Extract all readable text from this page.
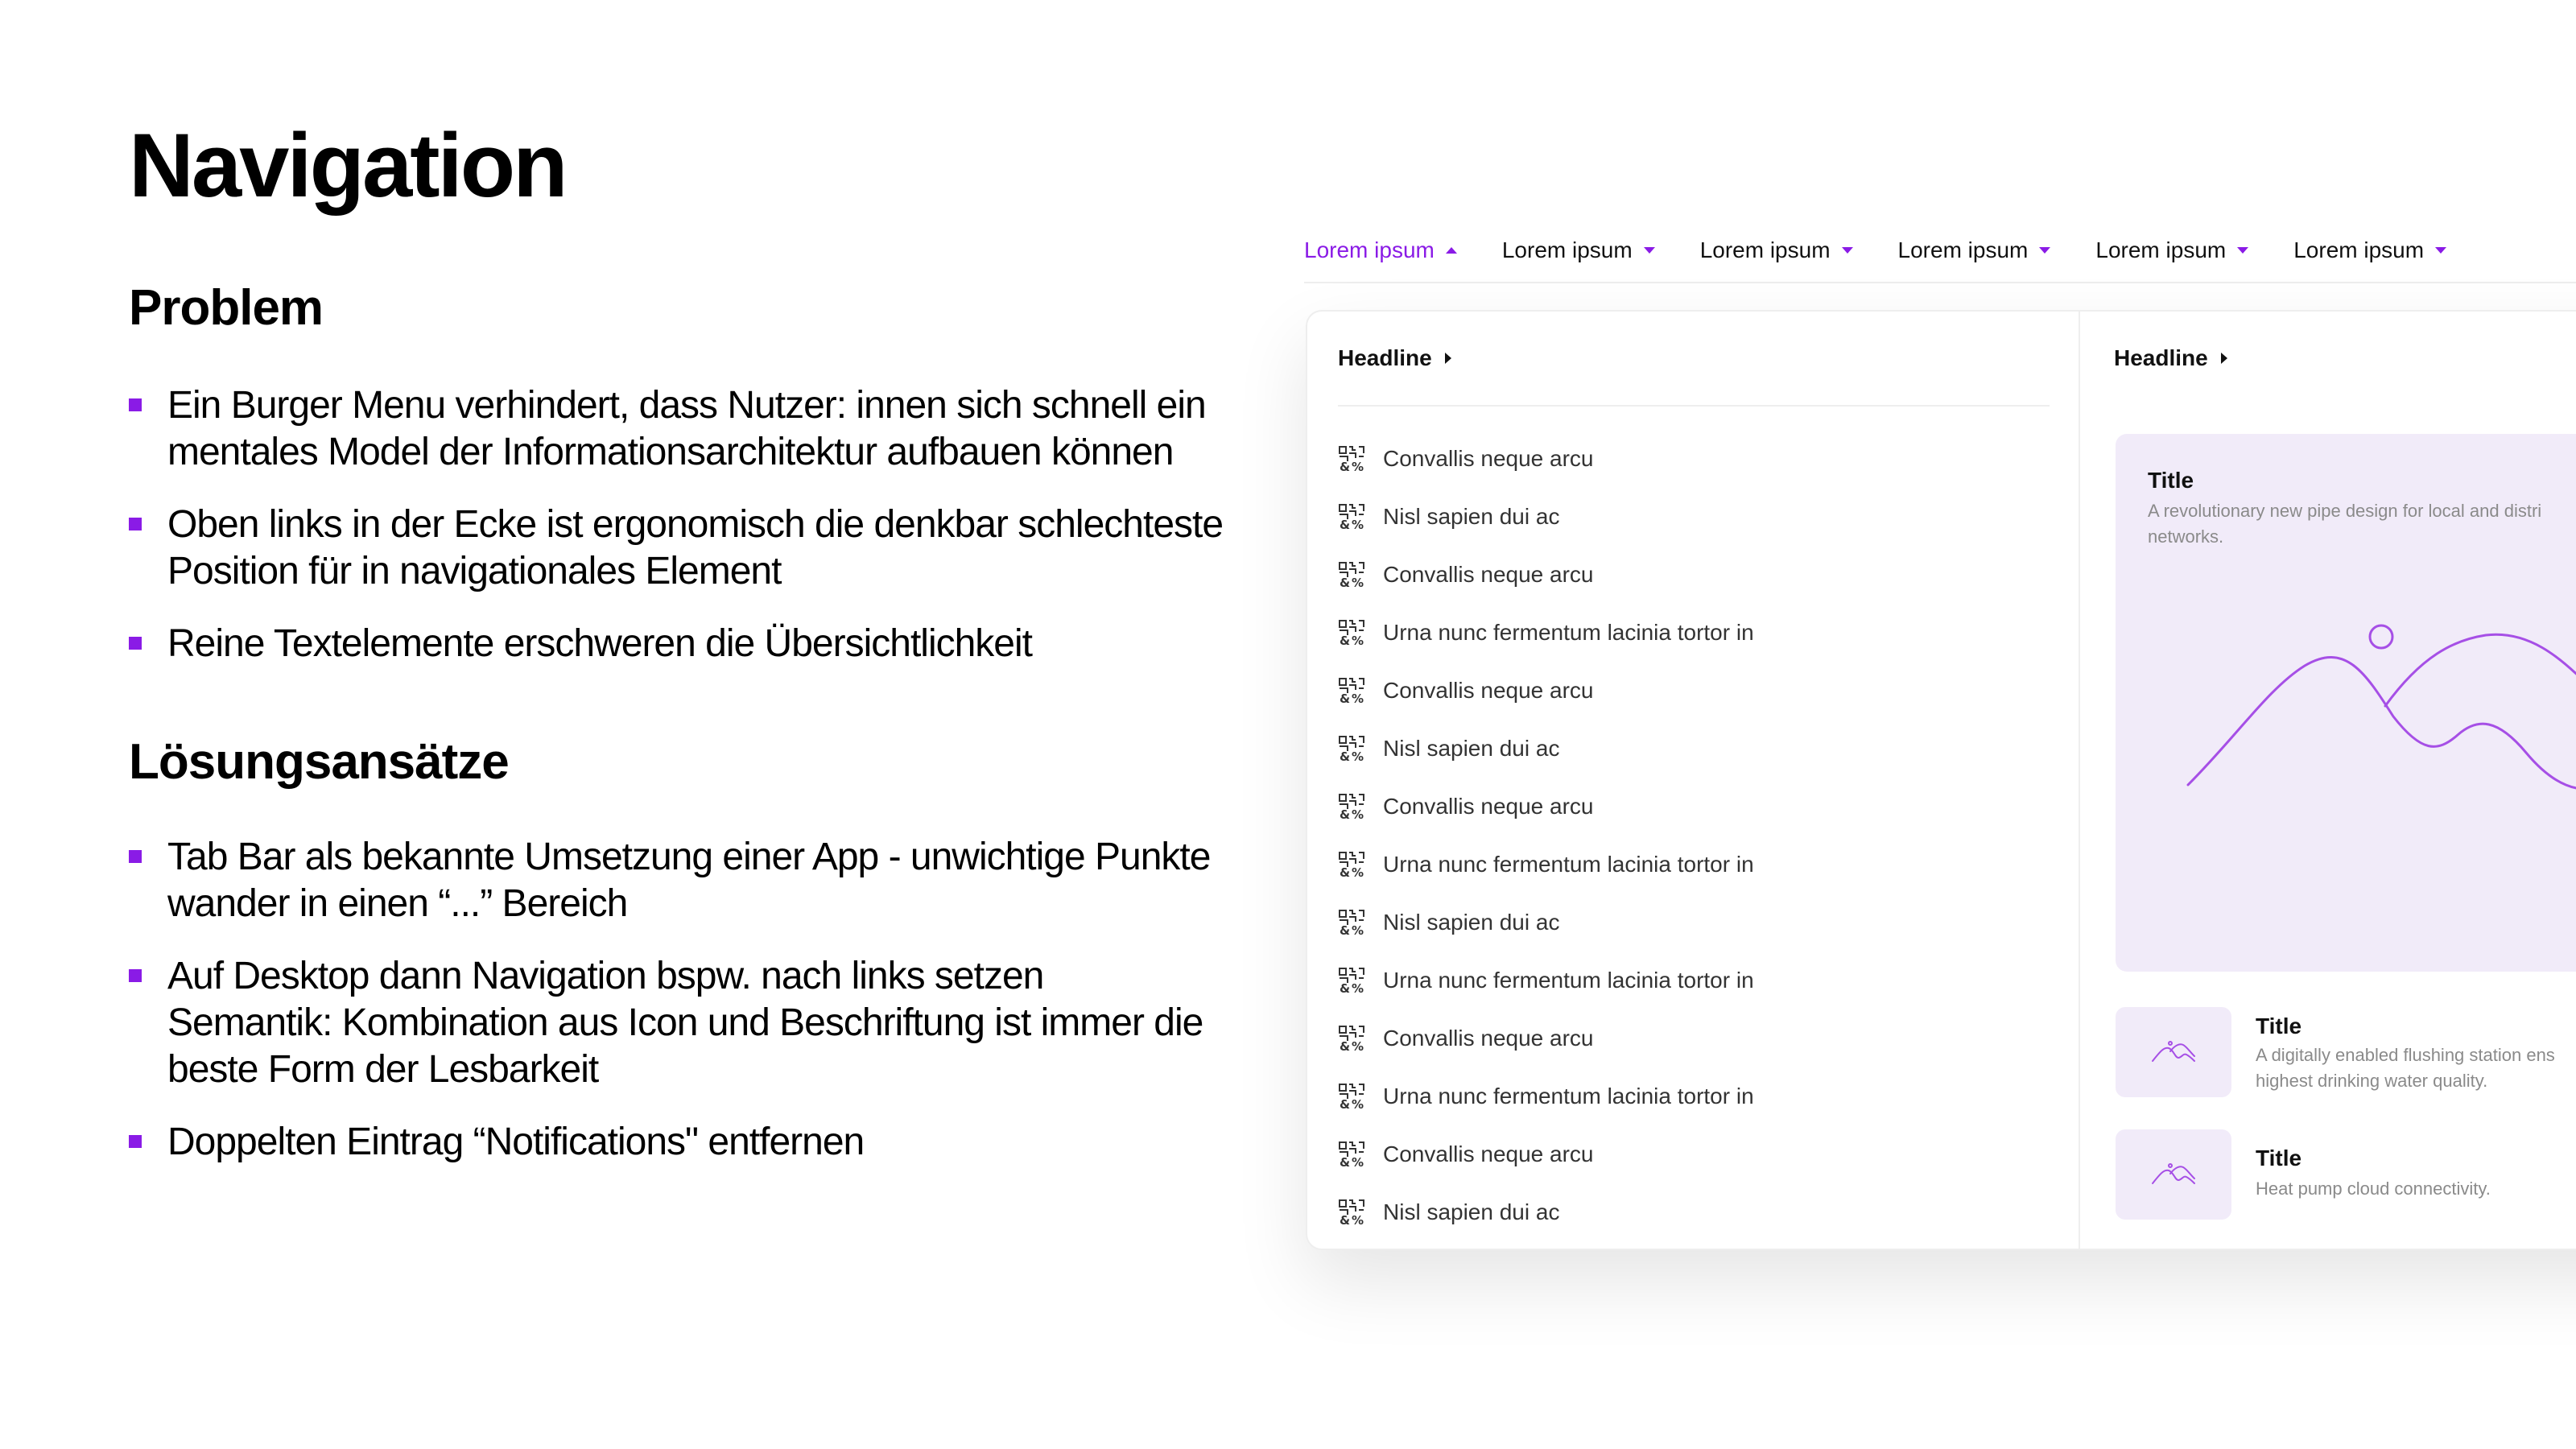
Navigation
Problem
Ein Burger Menu verhindert, dass Nutzer: innen sich schnell ein
mentales Model der Informationsarchitektur aufbauen können
Oben links in der Ecke ist ergonomisch die denkbar schlechteste
Position für in navigationales Element
Reine Textelemente erschweren die Übersichtlichkeit
Lösungsansätze
Tab Bar als bekannte Umsetzung einer App - unwichtige Punkte
wander in einen “...” Bereich
Auf Desktop dann Navigation bspw. nach links setzen
Semantik: Kombination aus Icon und Beschriftung ist immer die
beste Form der Lesbarkeit
Doppelten Eintrag “Notifications" entfernen
Lorem ipsum	Lorem ipsum	Lorem ipsum	Lorem ipsum	Lorem ipsum	Lorem ipsum
Headline
& % Convallis neque arcu
& % Nisl sapien dui ac
& % Convallis neque arcu
& % Urna nunc fermentum lacinia tortor in
& % Convallis neque arcu
& % Nisl sapien dui ac
& % Convallis neque arcu
& % Urna nunc fermentum lacinia tortor in
& % Nisl sapien dui ac
& % Urna nunc fermentum lacinia tortor in
& % Convallis neque arcu
& % Urna nunc fermentum lacinia tortor in
& % Convallis neque arcu
& % Nisl sapien dui ac
Headline
Title
A revolutionary new pipe design for local and distri
networks.
Title
A digitally enabled flushing station ens
highest drinking water quality.
Title
Heat pump cloud connectivity.
